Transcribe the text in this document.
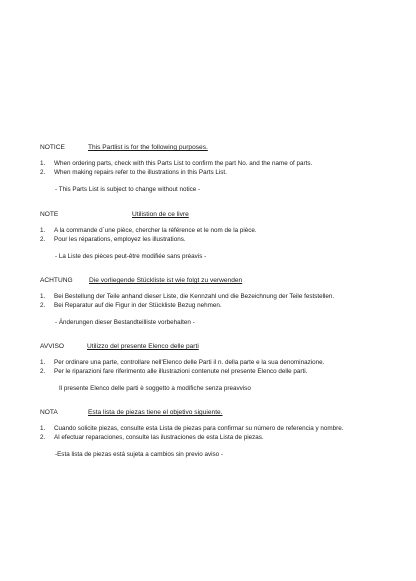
NOTICE	This Partlist is for the following purposes.
1. When ordering parts, check with this Parts List to confirm the part No. and the name of parts.
2. When making repairs refer to the illustrations in this Parts List.
- This Parts List is subject to change without notice -
NOTE	Utilistion de ce livre
1. A la commande d´une pièce, chercher la référence et le nom de la pièce.
2. Pour les réparations, employez les illustrations.
- La Liste des pièces peut-être modifiée sans préavis -
ACHTUNG Die vorliegende Stückliste ist wie folgt zu verwenden
1. Bei Bestellung der Teile anhand dieser Liste, die Kennzahl und die Bezeichnung der Teile feststellen.
2. Bei Reparatur auf die Figur in der Stückliste Bezug nehmen.
- Änderungen dieser Bestandteilliste vorbehalten -
AVVISO	Utilizzo del presente Elenco delle parti
1. Per ordinare una parte, controllare nell'Elenco delle Parti il n. della parte e la sua denominazione.
2. Per le riparazioni fare riferimento alle illustrazioni contenute nel presente Elenco delle parti.
Il presente Elenco delle parti è soggetto a modifiche senza preavviso
NOTA	Esta lista de piezas tiene el objetivo siguiente.
1. Cuando solicite piezas, consulte esta Lista de piezas para confirmar su número de referencia y nombre.
2. Al efectuar reparaciones, consulte las ilustraciones de esta Lista de piezas.
-Esta lista de piezas está sujeta a cambios sin previo aviso -
